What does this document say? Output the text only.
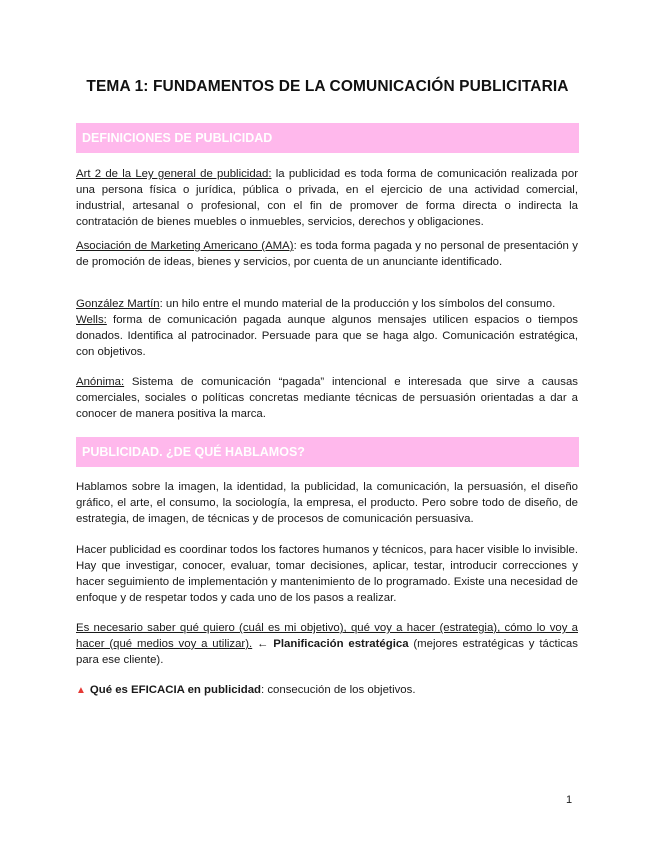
TEMA 1: FUNDAMENTOS DE LA COMUNICACIÓN PUBLICITARIA
DEFINICIONES DE PUBLICIDAD
Art 2 de la Ley general de publicidad: la publicidad es toda forma de comunicación realizada por una persona física o jurídica, pública o privada, en el ejercicio de una actividad comercial, industrial, artesanal o profesional, con el fin de promover de forma directa o indirecta la contratación de bienes muebles o inmuebles, servicios, derechos y obligaciones.
Asociación de Marketing Americano (AMA): es toda forma pagada y no personal de presentación y de promoción de ideas, bienes y servicios, por cuenta de un anunciante identificado.
González Martín: un hilo entre el mundo material de la producción y los símbolos del consumo.
Wells: forma de comunicación pagada aunque algunos mensajes utilicen espacios o tiempos donados. Identifica al patrocinador. Persuade para que se haga algo. Comunicación estratégica, con objetivos.
Anónima: Sistema de comunicación “pagada” intencional e interesada que sirve a causas comerciales, sociales o políticas concretas mediante técnicas de persuasión orientadas a dar a conocer de manera positiva la marca.
PUBLICIDAD. ¿DE QUÉ HABLAMOS?
Hablamos sobre la imagen, la identidad, la publicidad, la comunicación, la persuasión, el diseño gráfico, el arte, el consumo, la sociología, la empresa, el producto. Pero sobre todo de diseño, de estrategia, de imagen, de técnicas y de procesos de comunicación persuasiva.
Hacer publicidad es coordinar todos los factores humanos y técnicos, para hacer visible lo invisible. Hay que investigar, conocer, evaluar, tomar decisiones, aplicar, testar, introducir correcciones y hacer seguimiento de implementación y mantenimiento de lo programado. Existe una necesidad de enfoque y de respetar todos y cada uno de los pasos a realizar.
Es necesario saber qué quiero (cuál es mi objetivo), qué voy a hacer (estrategia), cómo lo voy a hacer (qué medios voy a utilizar). ← Planificación estratégica (mejores estratégicas y tácticas para ese cliente).
▲ Qué es EFICACIA en publicidad: consecución de los objetivos.
1
